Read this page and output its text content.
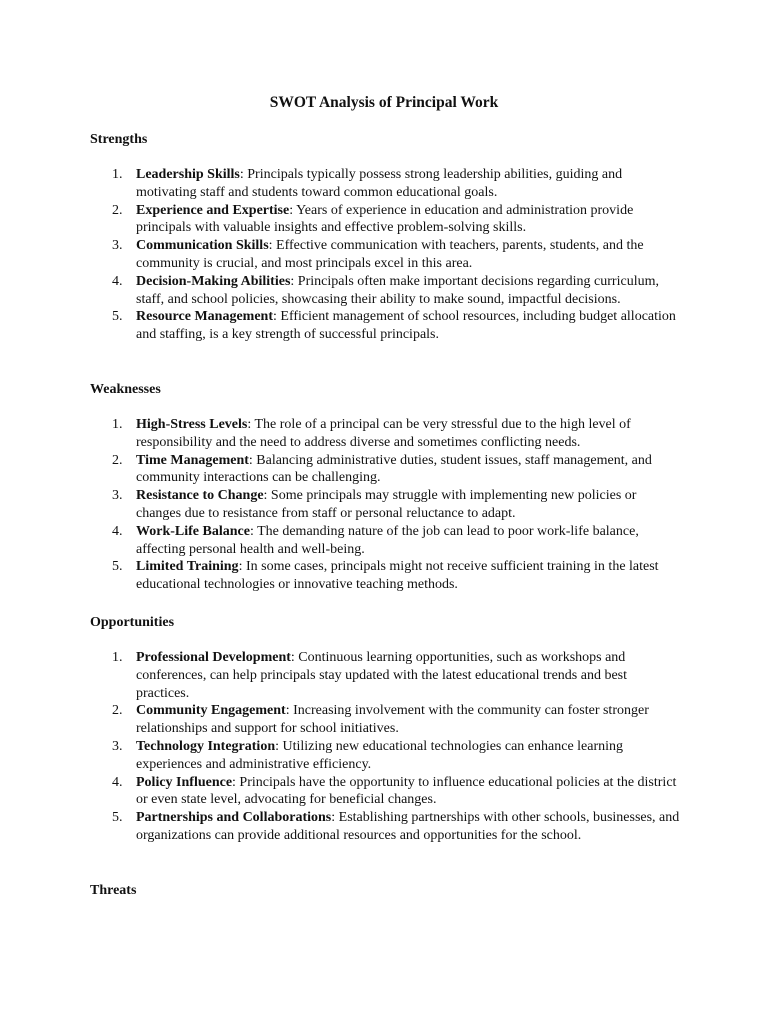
SWOT Analysis of Principal Work
Strengths
1. Leadership Skills: Principals typically possess strong leadership abilities, guiding and motivating staff and students toward common educational goals.
2. Experience and Expertise: Years of experience in education and administration provide principals with valuable insights and effective problem-solving skills.
3. Communication Skills: Effective communication with teachers, parents, students, and the community is crucial, and most principals excel in this area.
4. Decision-Making Abilities: Principals often make important decisions regarding curriculum, staff, and school policies, showcasing their ability to make sound, impactful decisions.
5. Resource Management: Efficient management of school resources, including budget allocation and staffing, is a key strength of successful principals.
Weaknesses
1. High-Stress Levels: The role of a principal can be very stressful due to the high level of responsibility and the need to address diverse and sometimes conflicting needs.
2. Time Management: Balancing administrative duties, student issues, staff management, and community interactions can be challenging.
3. Resistance to Change: Some principals may struggle with implementing new policies or changes due to resistance from staff or personal reluctance to adapt.
4. Work-Life Balance: The demanding nature of the job can lead to poor work-life balance, affecting personal health and well-being.
5. Limited Training: In some cases, principals might not receive sufficient training in the latest educational technologies or innovative teaching methods.
Opportunities
1. Professional Development: Continuous learning opportunities, such as workshops and conferences, can help principals stay updated with the latest educational trends and best practices.
2. Community Engagement: Increasing involvement with the community can foster stronger relationships and support for school initiatives.
3. Technology Integration: Utilizing new educational technologies can enhance learning experiences and administrative efficiency.
4. Policy Influence: Principals have the opportunity to influence educational policies at the district or even state level, advocating for beneficial changes.
5. Partnerships and Collaborations: Establishing partnerships with other schools, businesses, and organizations can provide additional resources and opportunities for the school.
Threats
